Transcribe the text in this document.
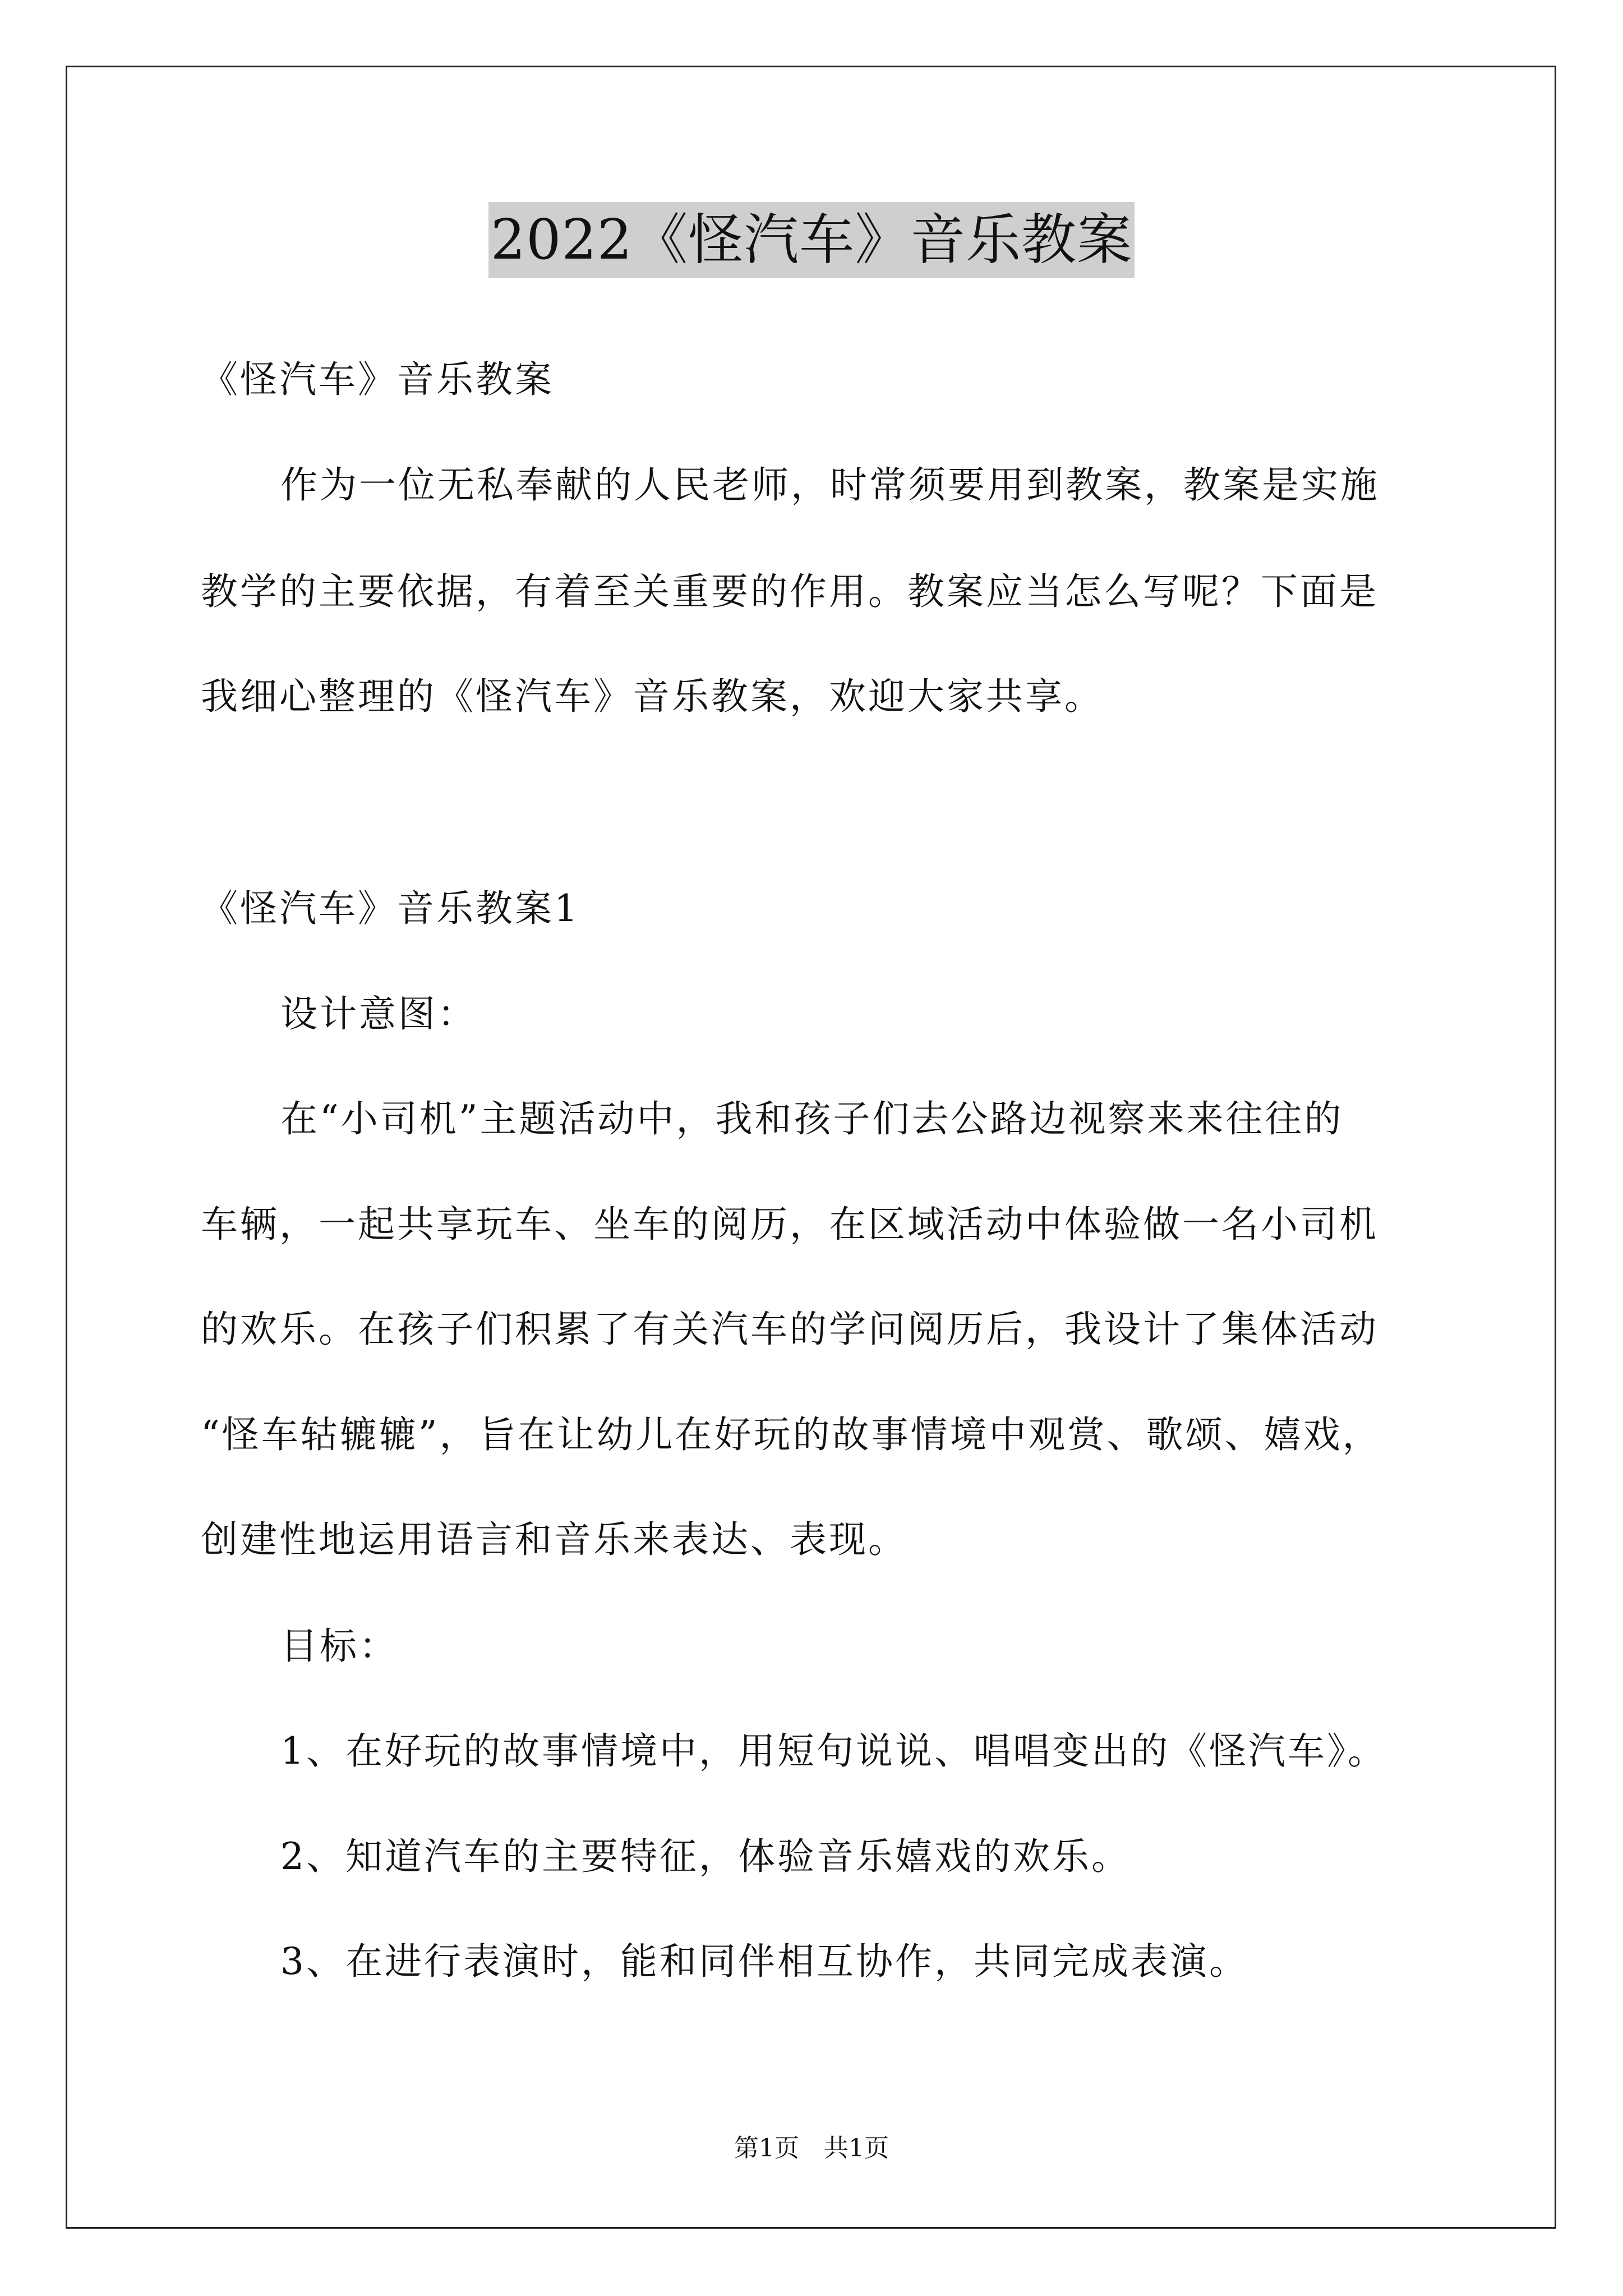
2022《怪汽车》音乐教案

《怪汽车》音乐教案

作为一位无私奉献的人民老师，时常须要用到教案，教案是实施

教学的主要依据，有着至关重要的作用。教案应当怎么写呢？下面是

我细心整理的《怪汽车》音乐教案，欢迎大家共享。

《怪汽车》音乐教案1

设计意图：

在“小司机”主题活动中，我和孩子们去公路边视察来来往往的

车辆，一起共享玩车、坐车的阅历，在区域活动中体验做一名小司机

的欢乐。在孩子们积累了有关汽车的学问阅历后，我设计了集体活动

“怪车轱辘辘”，旨在让幼儿在好玩的故事情境中观赏、歌颂、嬉戏，

创建性地运用语言和音乐来表达、表现。

目标：

1、在好玩的故事情境中，用短句说说、唱唱变出的《怪汽车》。

2、知道汽车的主要特征，体验音乐嬉戏的欢乐。

3、在进行表演时，能和同伴相互协作，共同完成表演。

第1页　共1页
